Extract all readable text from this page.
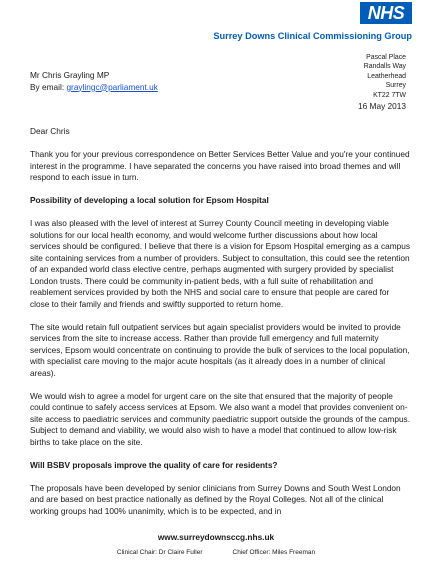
NHS
Surrey Downs Clinical Commissioning Group
Pascal Place
Randalls Way
Leatherhead
Surrey
KT22 7TW
Mr Chris Grayling MP
By email: graylingc@parliament.uk
16 May 2013

Dear Chris

Thank you for your previous correspondence on Better Services Better Value and you're your continued interest in the programme. I have separated the concerns you have raised into broad themes and will respond to each issue in turn.

Possibility of developing a local solution for Epsom Hospital

I was also pleased with the level of interest at Surrey County Council meeting in developing viable solutions for our local health economy, and would welcome further discussions about how local services should be configured. I believe that there is a vision for Epsom Hospital emerging as a campus site containing services from a number of providers. Subject to consultation, this could see the retention of an expanded world class elective centre, perhaps augmented with surgery provided by specialist London trusts. There could be community in-patient beds, with a full suite of rehabilitation and reablement services provided by both the NHS and social care to ensure that people are cared for close to their family and friends and swiftly supported to return home.

The site would retain full outpatient services but again specialist providers would be invited to provide services from the site to increase access. Rather than provide full emergency and full maternity services, Epsom would concentrate on continuing to provide the bulk of services to the local population, with specialist care moving to the major acute hospitals (as it already does in a number of clinical areas).

We would wish to agree a model for urgent care on the site that ensured that the majority of people could continue to safely access services at Epsom. We also want a model that provides convenient on-site access to paediatric services and community paediatric support outside the grounds of the campus. Subject to demand and viability, we would also wish to have a model that continued to allow low-risk births to take place on the site.

Will BSBV proposals improve the quality of care for residents?

The proposals have been developed by senior clinicians from Surrey Downs and South West London and are based on best practice nationally as defined by the Royal Colleges. Not all of the clinical working groups had 100% unanimity, which is to be expected, and in

www.surreydownsccg.nhs.uk
Clinical Chair: Dr Claire Fuller	Chief Officer: Miles Freeman
